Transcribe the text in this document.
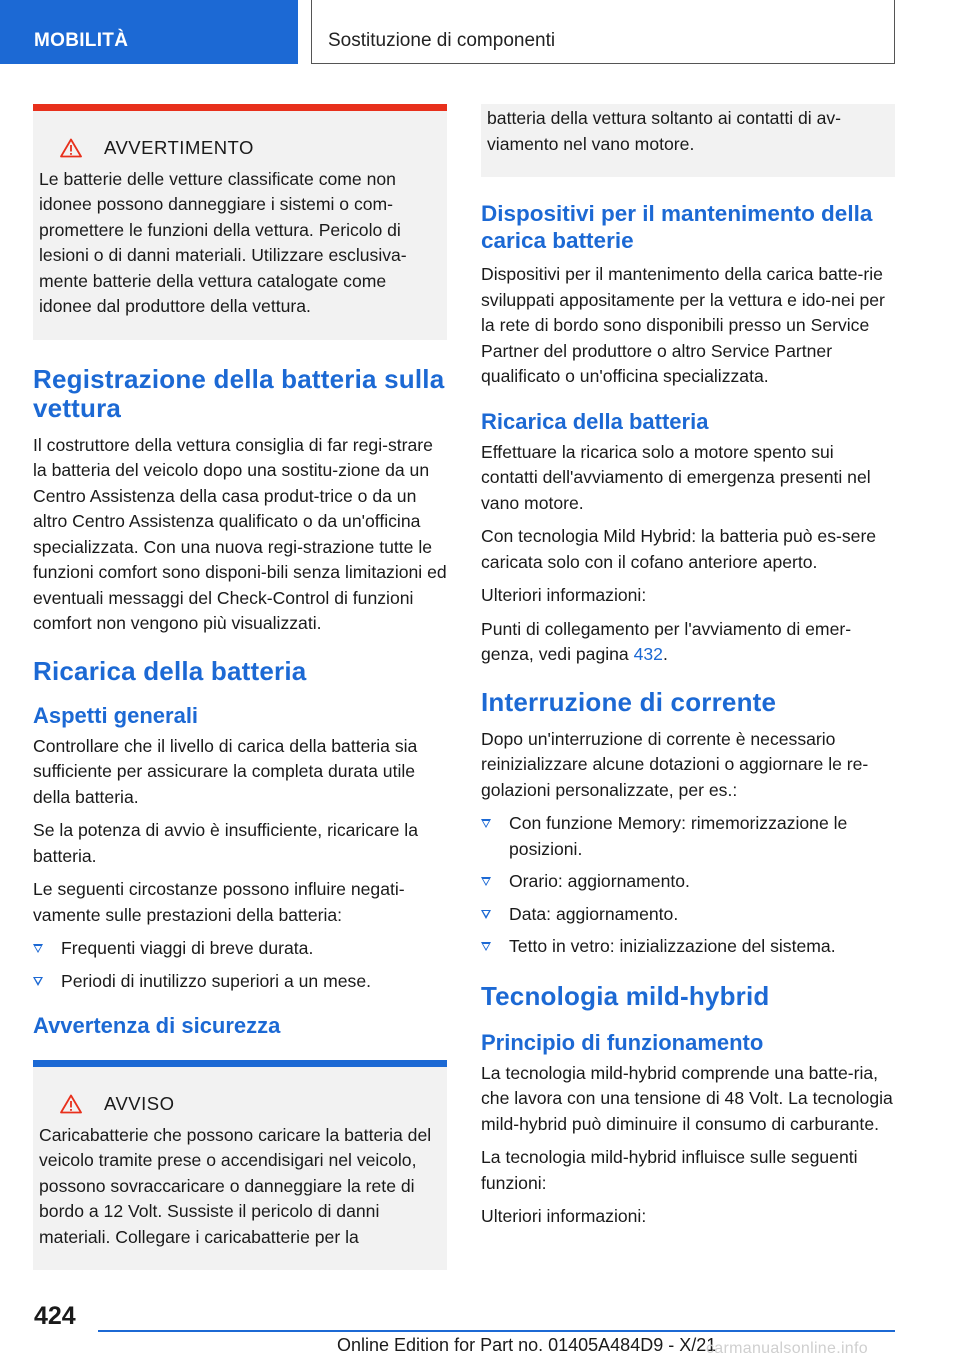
MOBILITÀ	Sostituzione di componenti
AVVERTIMENTO

Le batterie delle vetture classificate come non idonee possono danneggiare i sistemi o com-promettere le funzioni della vettura. Pericolo di lesioni o di danni materiali. Utilizzare esclusiva-mente batterie della vettura catalogate come idonee dal produttore della vettura.

Registrazione della batteria sulla vettura

Il costruttore della vettura consiglia di far regi-strare la batteria del veicolo dopo una sostitu-zione da un Centro Assistenza della casa produt-trice o da un altro Centro Assistenza qualificato o da un'officina specializzata. Con una nuova regi-strazione tutte le funzioni comfort sono disponi-bili senza limitazioni ed eventuali messaggi del Check-Control di funzioni comfort non vengono più visualizzati.

Ricarica della batteria
Aspetti generali

Controllare che il livello di carica della batteria sia sufficiente per assicurare la completa durata utile della batteria.

Se la potenza di avvio è insufficiente, ricaricare la batteria.

Le seguenti circostanze possono influire negati-vamente sulle prestazioni della batteria:

Frequenti viaggi di breve durata.
Periodi di inutilizzo superiori a un mese.
Avvertenza di sicurezza
AVVISO

Caricabatterie che possono caricare la batteria del veicolo tramite prese o accendisigari nel veicolo, possono sovraccaricare o danneggiare la rete di bordo a 12 Volt. Sussiste il pericolo di danni materiali. Collegare i caricabatterie per la

batteria della vettura soltanto ai contatti di av-viamento nel vano motore.

Dispositivi per il mantenimento della carica batterie

Dispositivi per il mantenimento della carica batte-rie sviluppati appositamente per la vettura e ido-nei per la rete di bordo sono disponibili presso un Service Partner del produttore o altro Service Partner qualificato o un'officina specializzata.

Ricarica della batteria

Effettuare la ricarica solo a motore spento sui contatti dell'avviamento di emergenza presenti nel vano motore.

Con tecnologia Mild Hybrid: la batteria può es-sere caricata solo con il cofano anteriore aperto.

Ulteriori informazioni:

Punti di collegamento per l'avviamento di emer-genza, vedi pagina 432.

Interruzione di corrente

Dopo un'interruzione di corrente è necessario reinizializzare alcune dotazioni o aggiornare le re-golazioni personalizzate, per es.:

Con funzione Memory: rimemorizzazione le posizioni.
Orario: aggiornamento.
Data: aggiornamento.
Tetto in vetro: inizializzazione del sistema.
Tecnologia mild-hybrid
Principio di funzionamento

La tecnologia mild-hybrid comprende una batte-ria, che lavora con una tensione di 48 Volt. La tecnologia mild-hybrid può diminuire il consumo di carburante.

La tecnologia mild-hybrid influisce sulle seguenti funzioni:

Ulteriori informazioni:

424
Online Edition for Part no. 01405A484D9 - X/21
carmanualsonline.info
